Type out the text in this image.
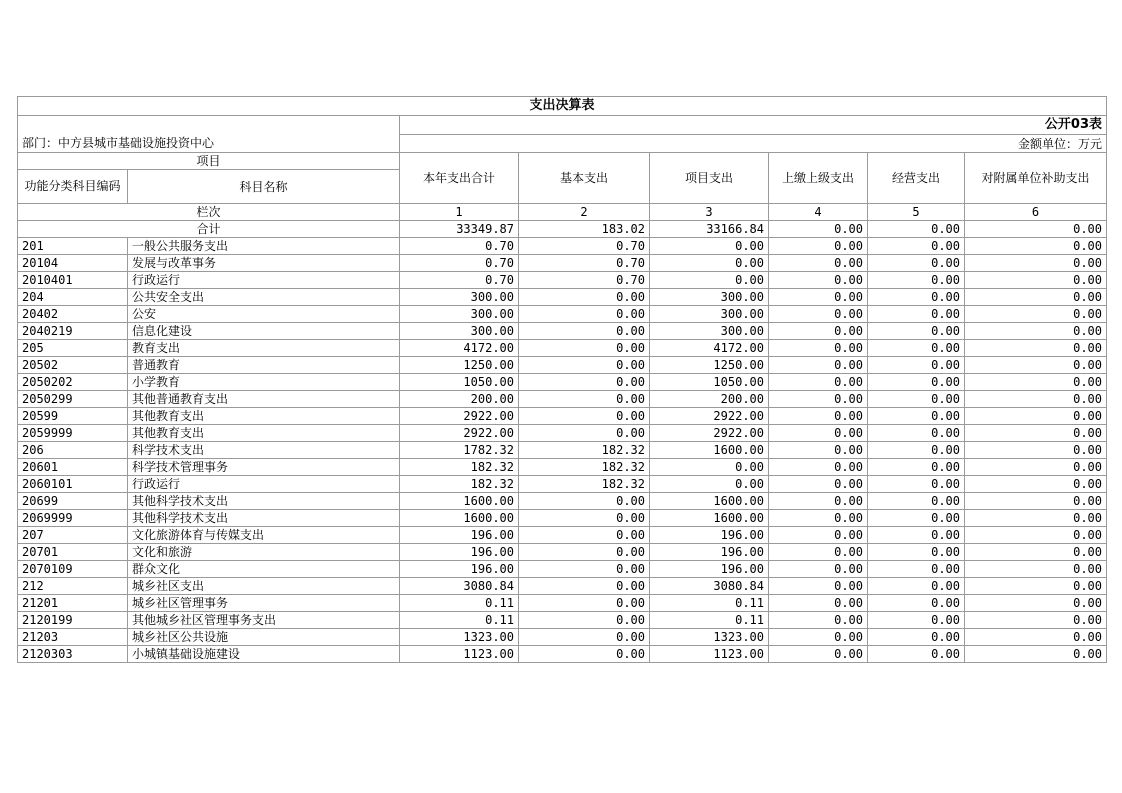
支出决算表							
		公开03表					
部门：中方县城市基础设施投资中心		金额单位：万元					
项目		本年支出合计	基本支出	项目支出	上缴上级支出	经营支出	对附属单位补助支出
功能分类科目编码	科目名称						
栏次		1	2	3	4	5	6
合计		33349.87	183.02	33166.84	0.00	0.00	0.00
201	一般公共服务支出	0.70	0.70	0.00	0.00	0.00	0.00
20104	发展与改革事务	0.70	0.70	0.00	0.00	0.00	0.00
2010401	行政运行	0.70	0.70	0.00	0.00	0.00	0.00
204	公共安全支出	300.00	0.00	300.00	0.00	0.00	0.00
20402	公安	300.00	0.00	300.00	0.00	0.00	0.00
2040219	信息化建设	300.00	0.00	300.00	0.00	0.00	0.00
205	教育支出	4172.00	0.00	4172.00	0.00	0.00	0.00
20502	普通教育	1250.00	0.00	1250.00	0.00	0.00	0.00
2050202	小学教育	1050.00	0.00	1050.00	0.00	0.00	0.00
2050299	其他普通教育支出	200.00	0.00	200.00	0.00	0.00	0.00
20599	其他教育支出	2922.00	0.00	2922.00	0.00	0.00	0.00
2059999	其他教育支出	2922.00	0.00	2922.00	0.00	0.00	0.00
206	科学技术支出	1782.32	182.32	1600.00	0.00	0.00	0.00
20601	科学技术管理事务	182.32	182.32	0.00	0.00	0.00	0.00
2060101	行政运行	182.32	182.32	0.00	0.00	0.00	0.00
20699	其他科学技术支出	1600.00	0.00	1600.00	0.00	0.00	0.00
2069999	其他科学技术支出	1600.00	0.00	1600.00	0.00	0.00	0.00
207	文化旅游体育与传媒支出	196.00	0.00	196.00	0.00	0.00	0.00
20701	文化和旅游	196.00	0.00	196.00	0.00	0.00	0.00
2070109	群众文化	196.00	0.00	196.00	0.00	0.00	0.00
212	城乡社区支出	3080.84	0.00	3080.84	0.00	0.00	0.00
21201	城乡社区管理事务	0.11	0.00	0.11	0.00	0.00	0.00
2120199	其他城乡社区管理事务支出	0.11	0.00	0.11	0.00	0.00	0.00
21203	城乡社区公共设施	1323.00	0.00	1323.00	0.00	0.00	0.00
2120303	小城镇基础设施建设	1123.00	0.00	1123.00	0.00	0.00	0.00
